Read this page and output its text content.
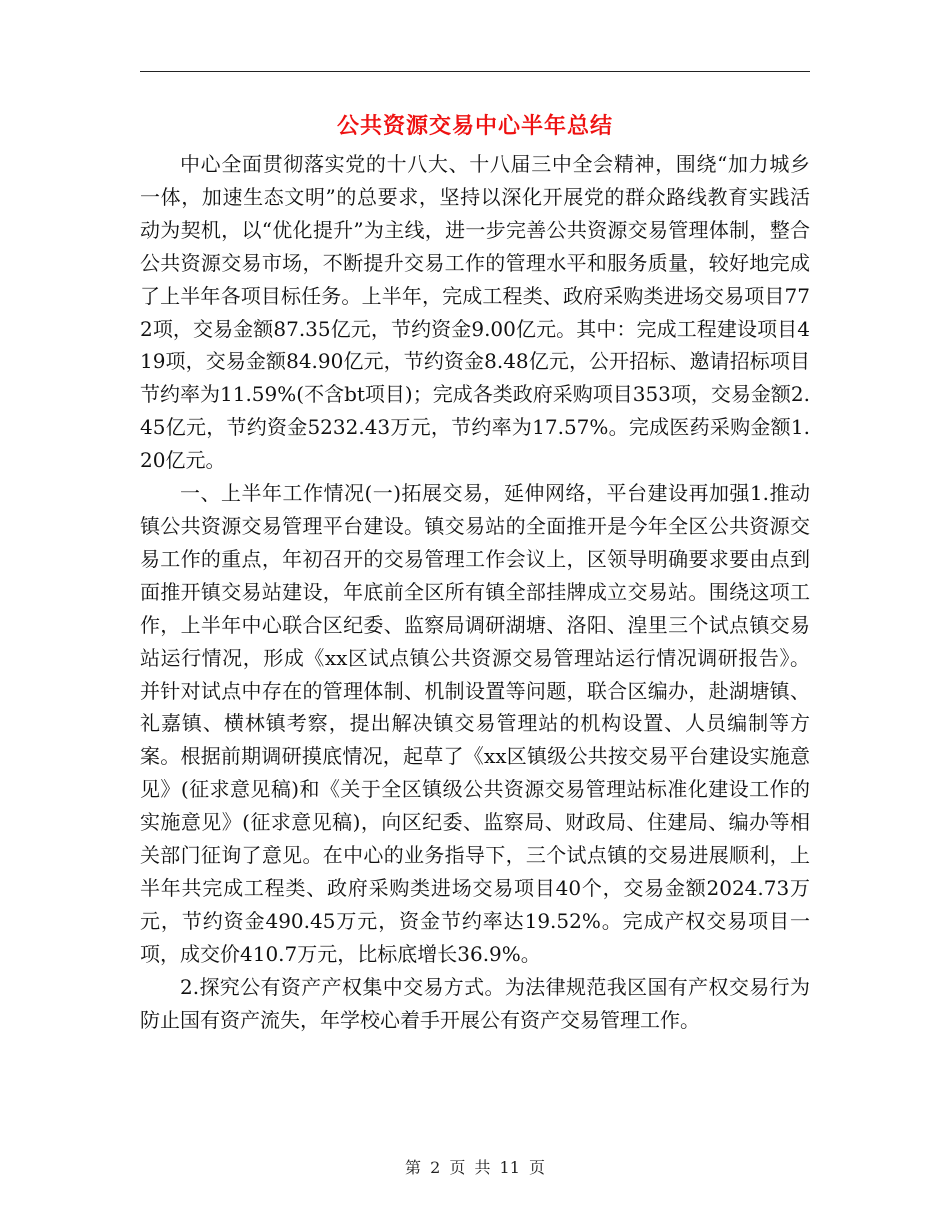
公共资源交易中心半年总结

中心全面贯彻落实党的十八大、十八届三中全会精神，围绕“加力城乡一体，加速生态文明”的总要求，坚持以深化开展党的群众路线教育实践活动为契机，以“优化提升”为主线，进一步完善公共资源交易管理体制，整合公共资源交易市场，不断提升交易工作的管理水平和服务质量，较好地完成了上半年各项目标任务。上半年，完成工程类、政府采购类进场交易项目772项，交易金额87.35亿元，节约资金9.00亿元。其中：完成工程建设项目419项，交易金额84.90亿元，节约资金8.48亿元，公开招标、邀请招标项目节约率为11.59%(不含bt项目)；完成各类政府采购项目353项，交易金额2.45亿元，节约资金5232.43万元，节约率为17.57%。完成医药采购金额1.20亿元。

一、上半年工作情况(一)拓展交易，延伸网络，平台建设再加强1.推动镇公共资源交易管理平台建设。镇交易站的全面推开是今年全区公共资源交易工作的重点，年初召开的交易管理工作会议上，区领导明确要求要由点到面推开镇交易站建设，年底前全区所有镇全部挂牌成立交易站。围绕这项工作，上半年中心联合区纪委、监察局调研湖塘、洛阳、湟里三个试点镇交易站运行情况，形成《xx区试点镇公共资源交易管理站运行情况调研报告》。并针对试点中存在的管理体制、机制设置等问题，联合区编办，赴湖塘镇、礼嘉镇、横林镇考察，提出解决镇交易管理站的机构设置、人员编制等方案。根据前期调研摸底情况，起草了《xx区镇级公共按交易平台建设实施意见》(征求意见稿)和《关于全区镇级公共资源交易管理站标准化建设工作的实施意见》(征求意见稿)，向区纪委、监察局、财政局、住建局、编办等相关部门征询了意见。在中心的业务指导下，三个试点镇的交易进展顺利，上半年共完成工程类、政府采购类进场交易项目40个，交易金额2024.73万元，节约资金490.45万元，资金节约率达19.52%。完成产权交易项目一项，成交价410.7万元，比标底增长36.9%。

2.探究公有资产产权集中交易方式。为法律规范我区国有产权交易行为防止国有资产流失，年学校心着手开展公有资产交易管理工作。

第 2 页 共 11 页
